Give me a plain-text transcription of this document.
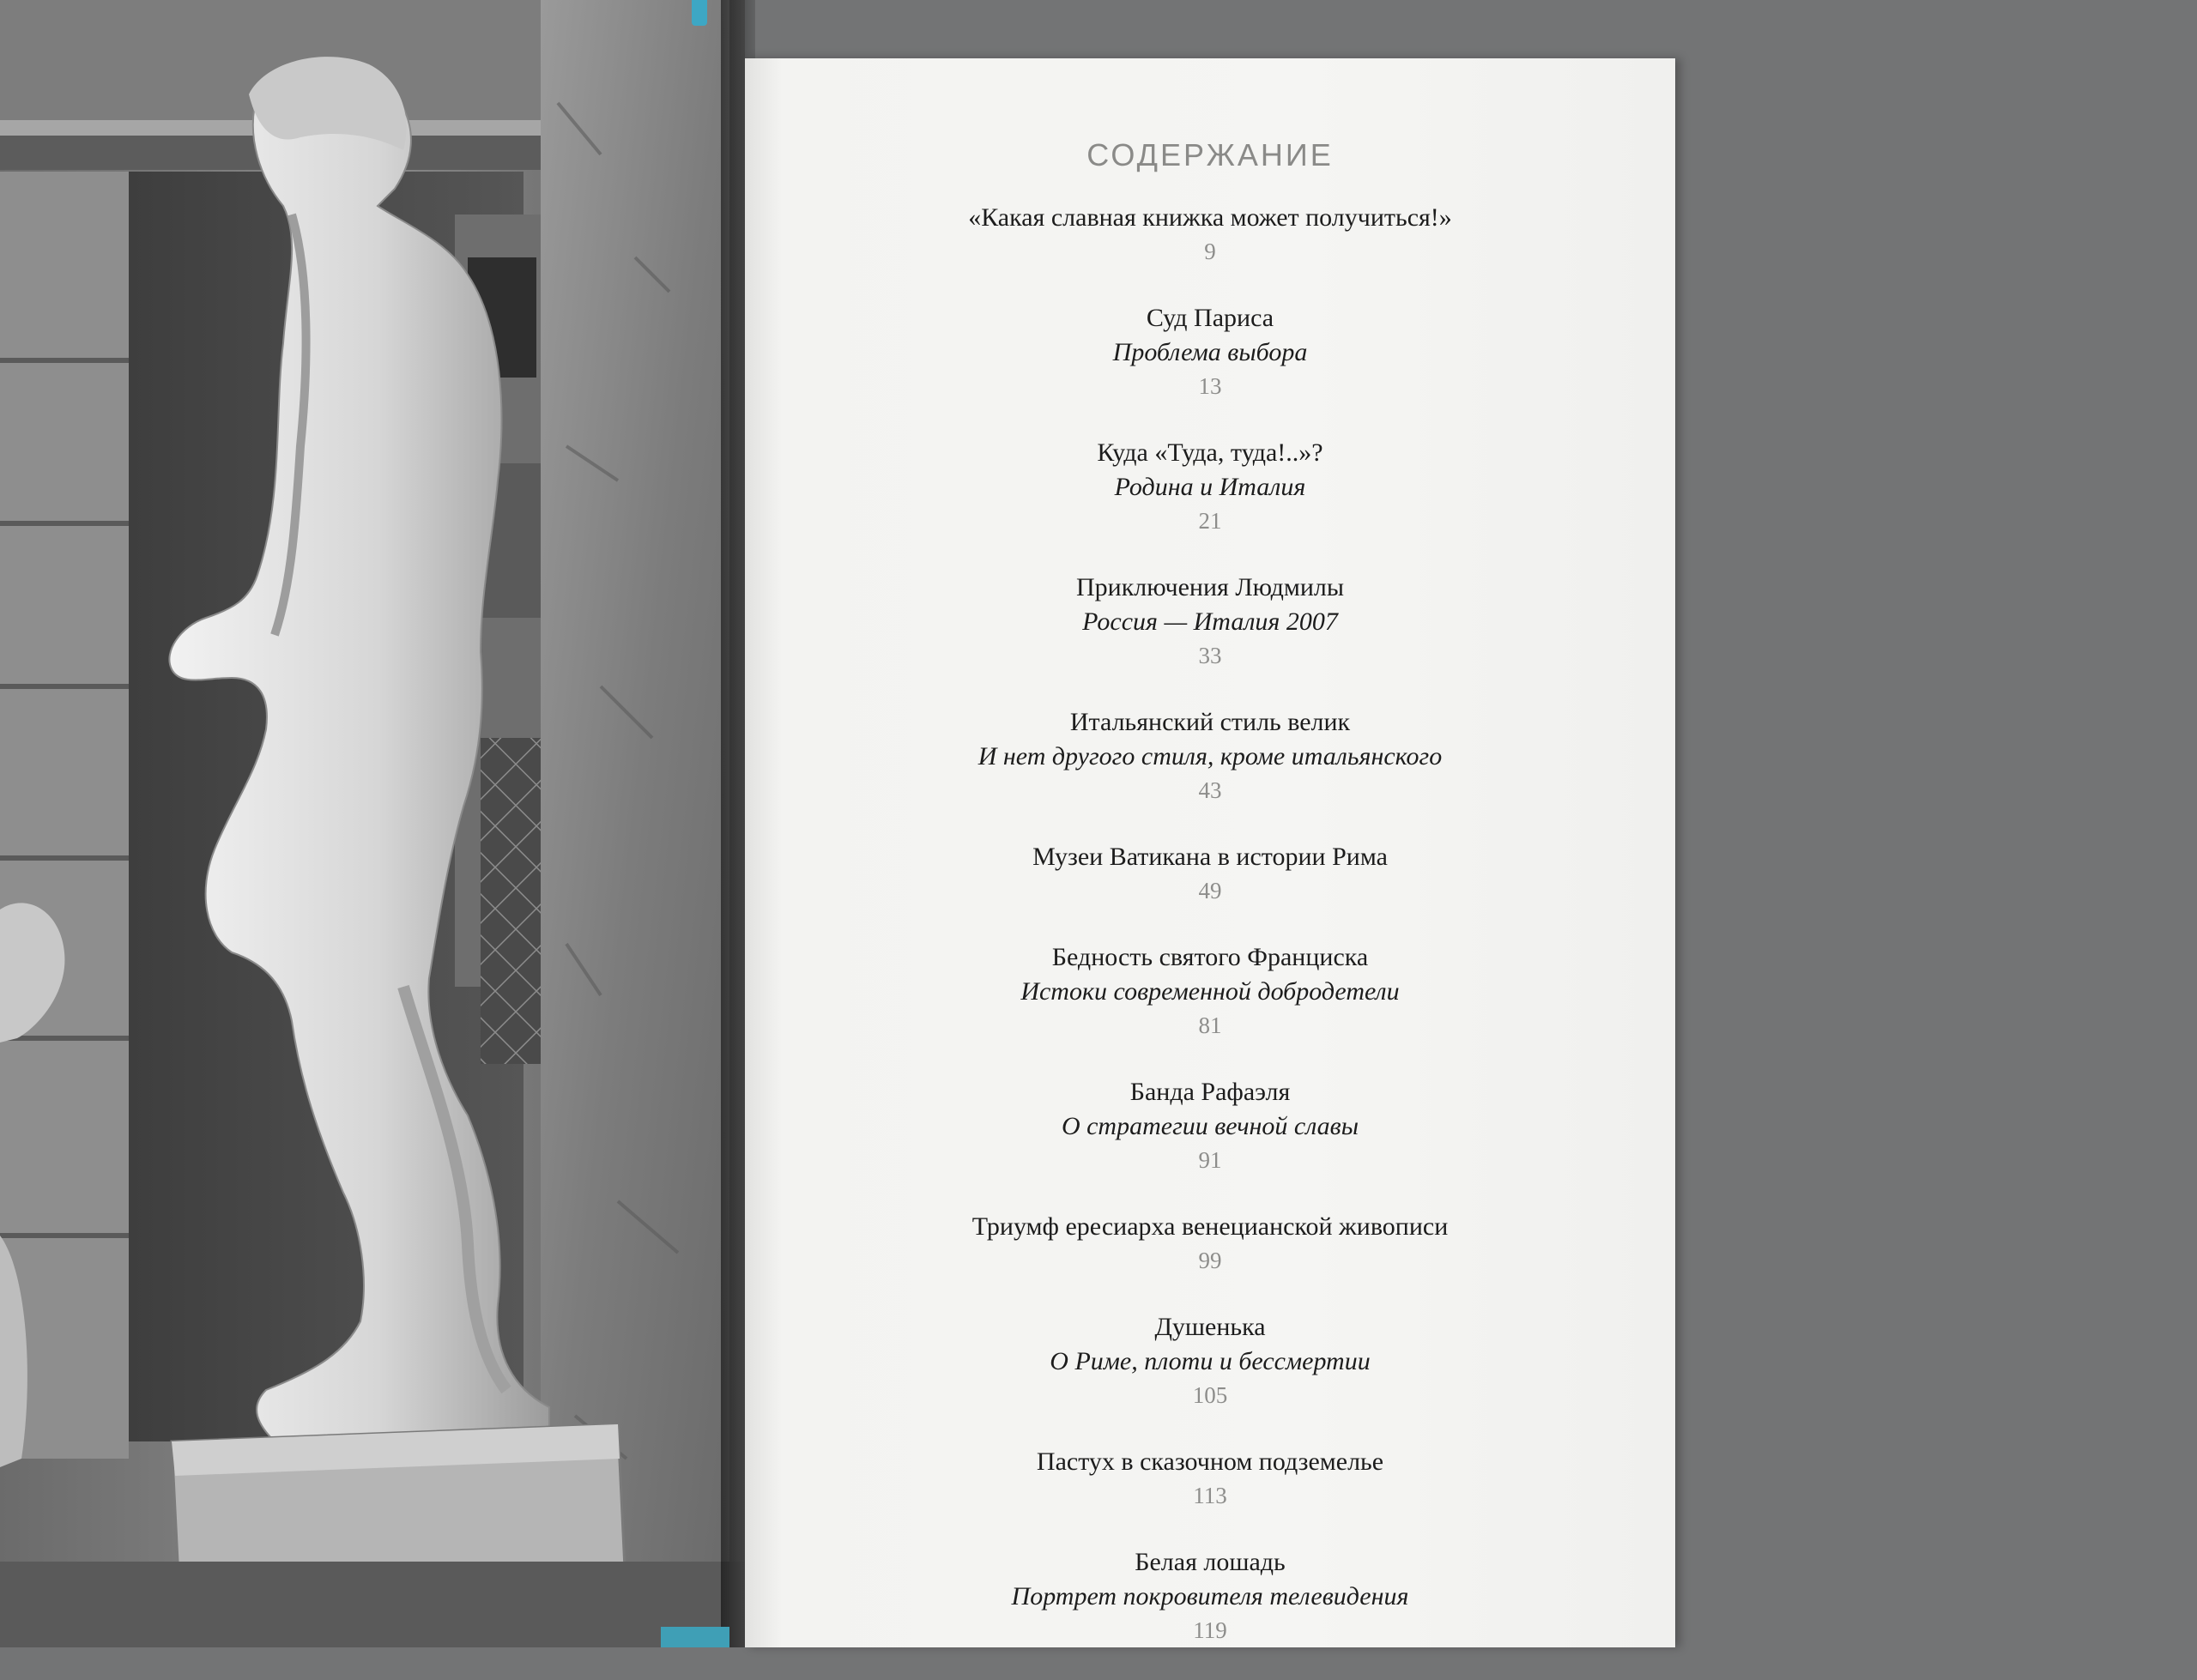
СОДЕРЖАНИЕ
«Какая славная книжка может получиться!»
9
Суд Париса
Проблема выбора
13
Куда «Туда, туда!..»?
Родина и Италия
21
Приключения Людмилы
Россия — Италия 2007
33
Итальянский стиль велик
И нет другого стиля, кроме итальянского
43
Музеи Ватикана в истории Рима
49
Бедность святого Франциска
Истоки современной добродетели
81
Банда Рафаэля
О стратегии вечной славы
91
Триумф ересиарха венецианской живописи
99
Душенька
О Риме, плоти и бессмертии
105
Пастух в сказочном подземелье
113
Белая лошадь
Портрет покровителя телевидения
119
